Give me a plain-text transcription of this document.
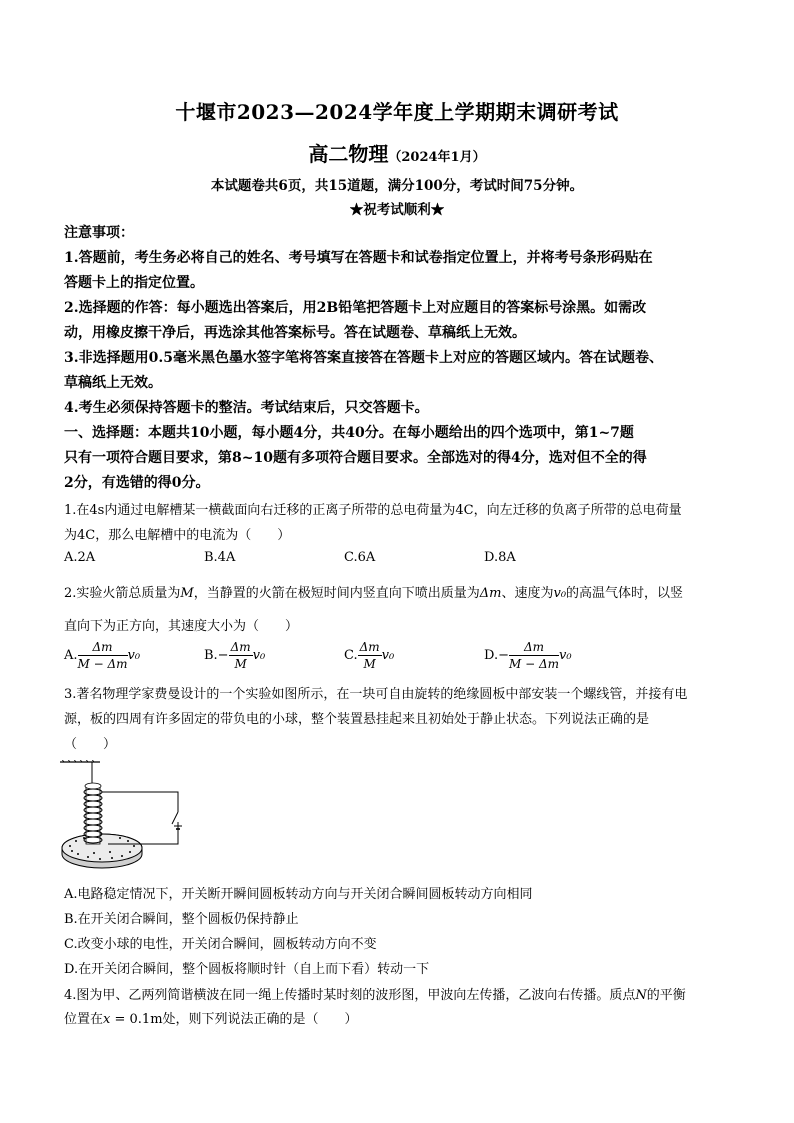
十堰市2023—2024学年度上学期期末调研考试
高二物理（2024年1月）
本试题卷共6页，共15道题，满分100分，考试时间75分钟。
★祝考试顺利★
注意事项：
1.答题前，考生务必将自己的姓名、考号填写在答题卡和试卷指定位置上，并将考号条形码贴在
答题卡上的指定位置。
2.选择题的作答：每小题选出答案后，用2B铅笔把答题卡上对应题目的答案标号涂黑。如需改
动，用橡皮擦干净后，再选涂其他答案标号。答在试题卷、草稿纸上无效。
3.非选择题用0.5毫米黑色墨水签字笔将答案直接答在答题卡上对应的答题区域内。答在试题卷、
草稿纸上无效。
4.考生必须保持答题卡的整洁。考试结束后，只交答题卡。
一、选择题：本题共10小题，每小题4分，共40分。在每小题给出的四个选项中，第1~7题
只有一项符合题目要求，第8~10题有多项符合题目要求。全部选对的得4分，选对但不全的得
2分，有选错的得0分。
1.在4s内通过电解槽某一横截面向右迁移的正离子所带的总电荷量为4C，向左迁移的负离子所带的总电荷量
为4C，那么电解槽中的电流为（　　）
A.2A	B.4A	C.6A	D.8A
2.实验火箭总质量为M，当静置的火箭在极短时间内竖直向下喷出质量为Δm、速度为v₀的高温气体时，以竖
直向下为正方向，其速度大小为（　　）
A. $\frac{\Delta m}{M - \Delta m} v_0$	$B.- \frac{\Delta m}{M} v_0$	C. $\frac{\Delta m}{M} v_0$	$D.- \frac{\Delta m}{M - \Delta m} v_0$
3.著名物理学家费曼设计的一个实验如图所示，在一块可自由旋转的绝缘圆板中部安装一个螺线管，并接有电
源，板的四周有许多固定的带负电的小球，整个装置悬挂起来且初始处于静止状态。下列说法正确的是
（　　）
A.电路稳定情况下，开关断开瞬间圆板转动方向与开关闭合瞬间圆板转动方向相同
B.在开关闭合瞬间，整个圆板仍保持静止
C.改变小球的电性，开关闭合瞬间，圆板转动方向不变
D.在开关闭合瞬间，整个圆板将顺时针（自上而下看）转动一下
4.图为甲、乙两列简谐横波在同一绳上传播时某时刻的波形图，甲波向左传播，乙波向右传播。质点N的平衡
位置在x = 0.1m处，则下列说法正确的是（　　）
